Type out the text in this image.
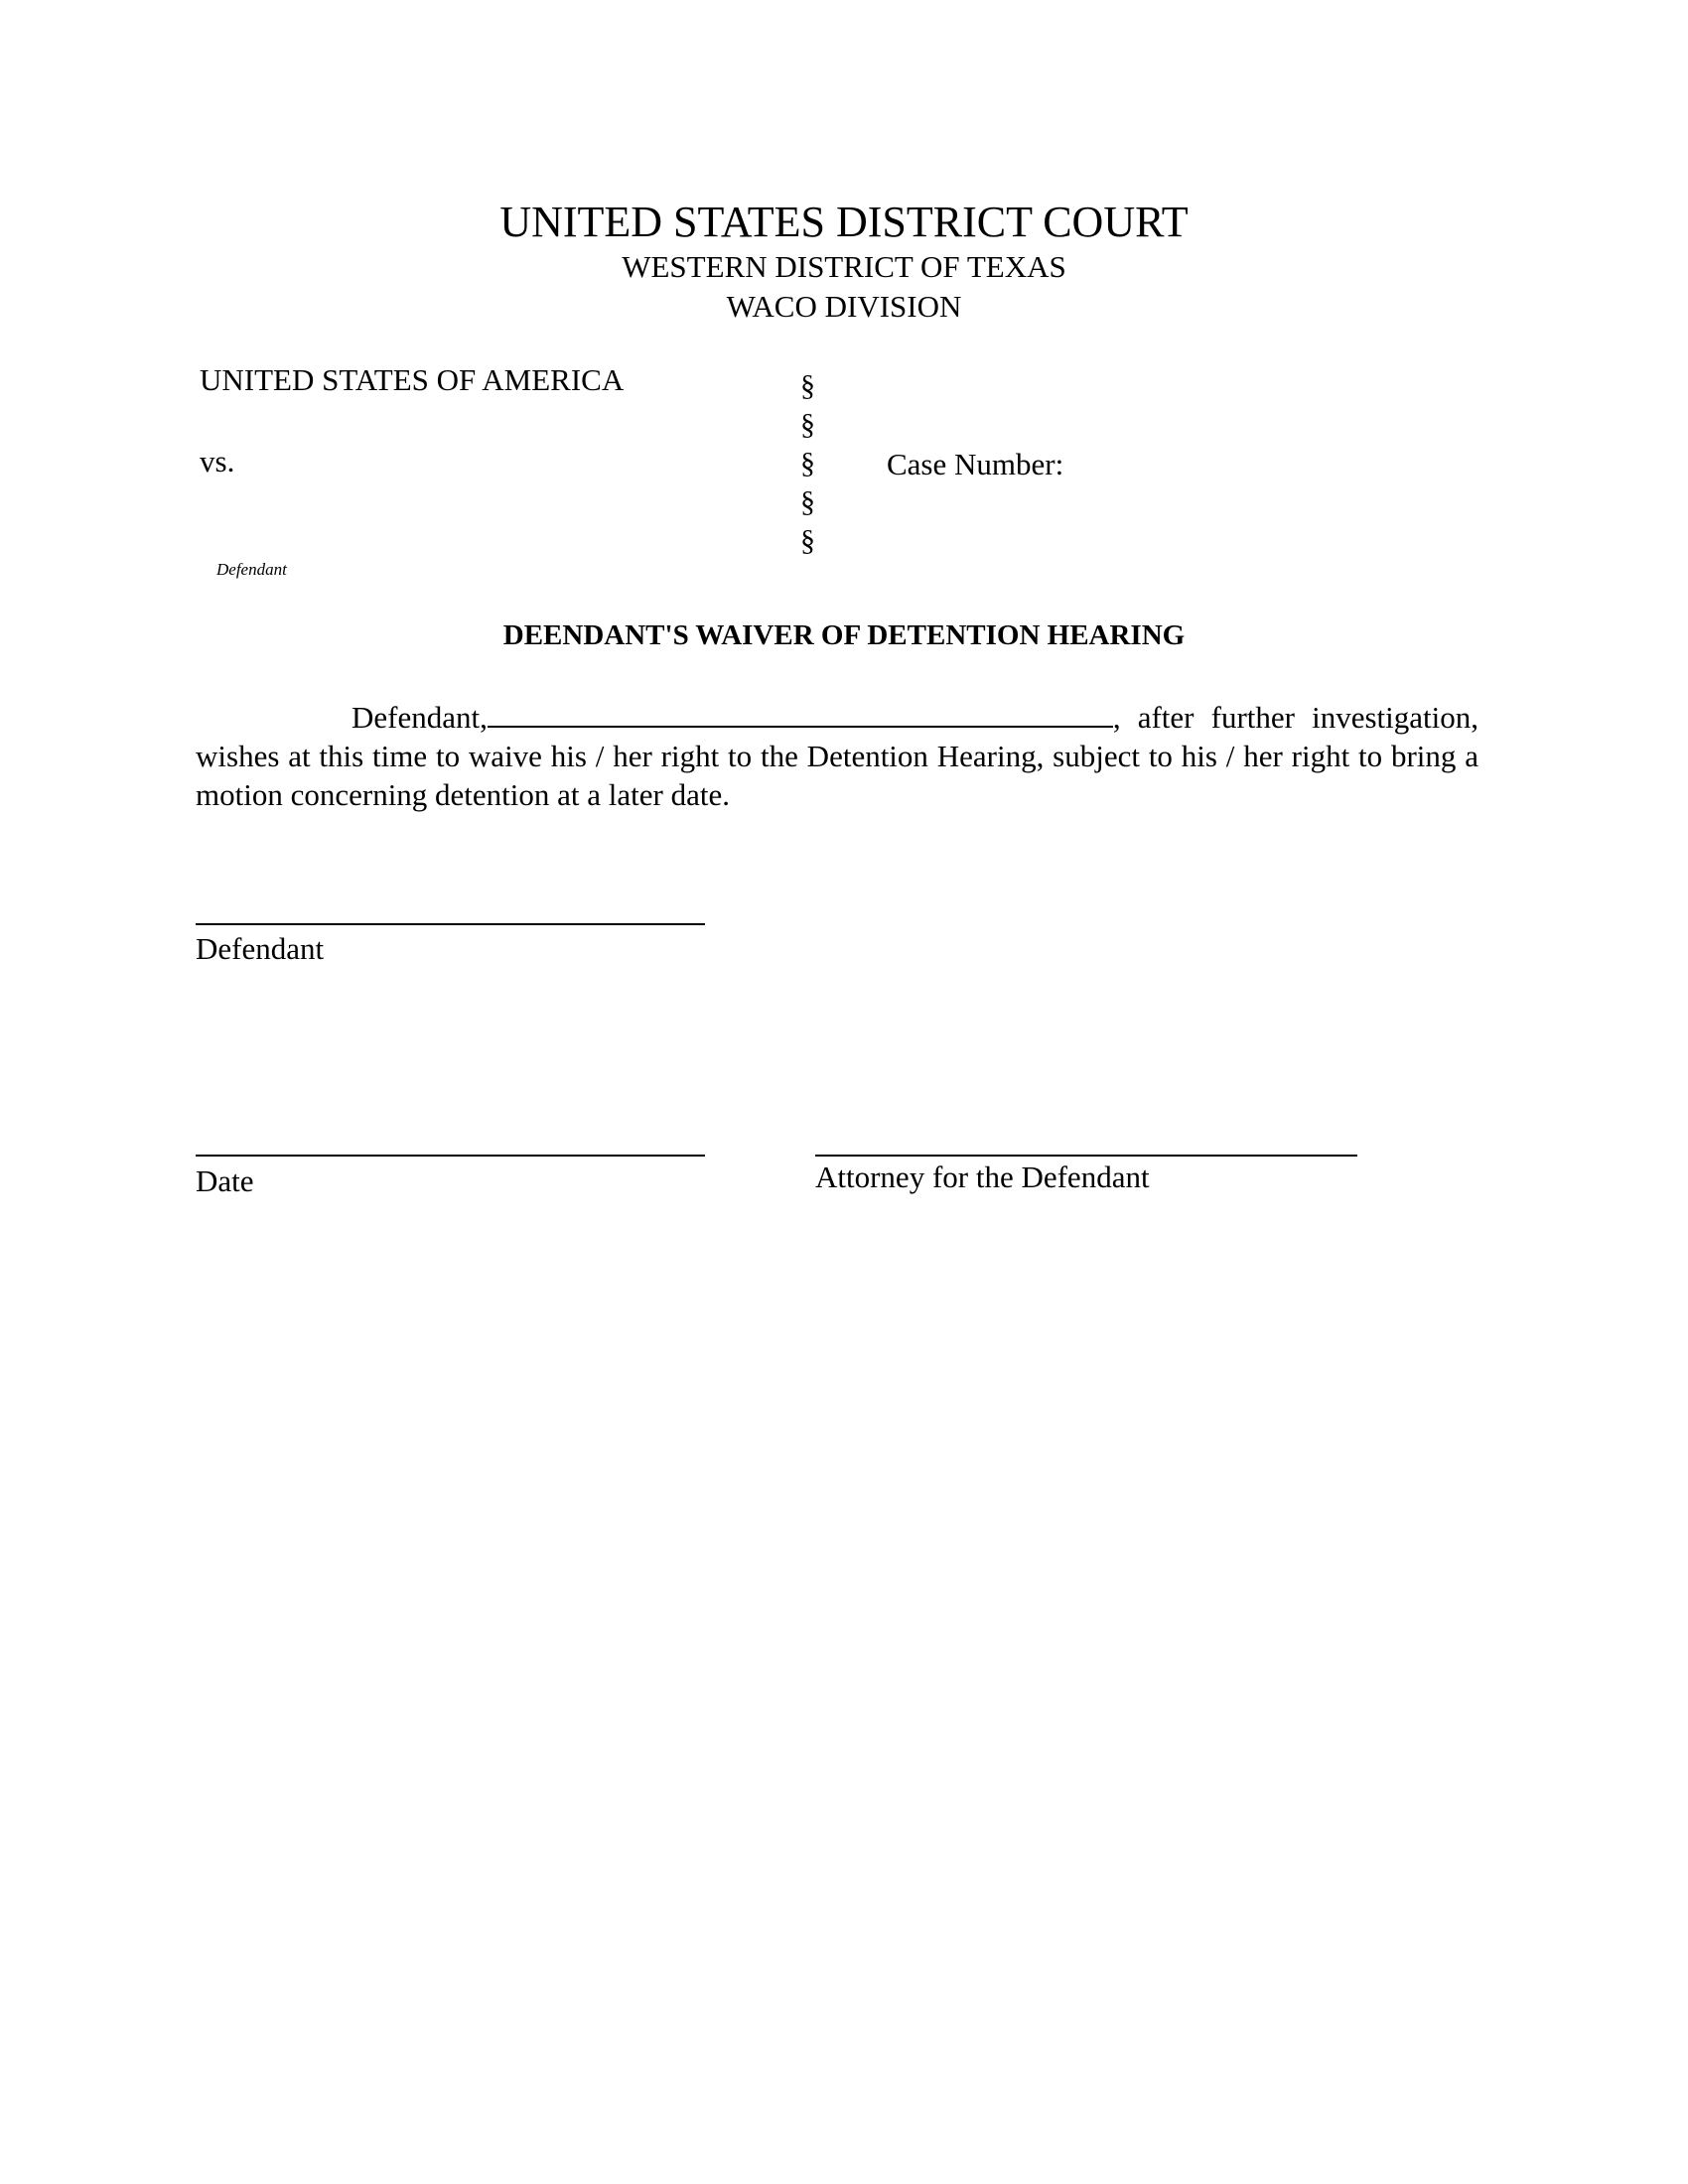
UNITED STATES DISTRICT COURT
WESTERN DISTRICT OF TEXAS
WACO DIVISION
UNITED STATES OF AMERICA
vs.
Defendant
§
§
§
§
§
Case Number:
DEENDANT'S WAIVER OF DETENTION HEARING
Defendant,	, after further investigation, wishes at this time to waive his / her right to the Detention Hearing, subject to his / her right to bring a motion concerning detention at a later date.
Defendant
Date	Attorney for the Defendant
